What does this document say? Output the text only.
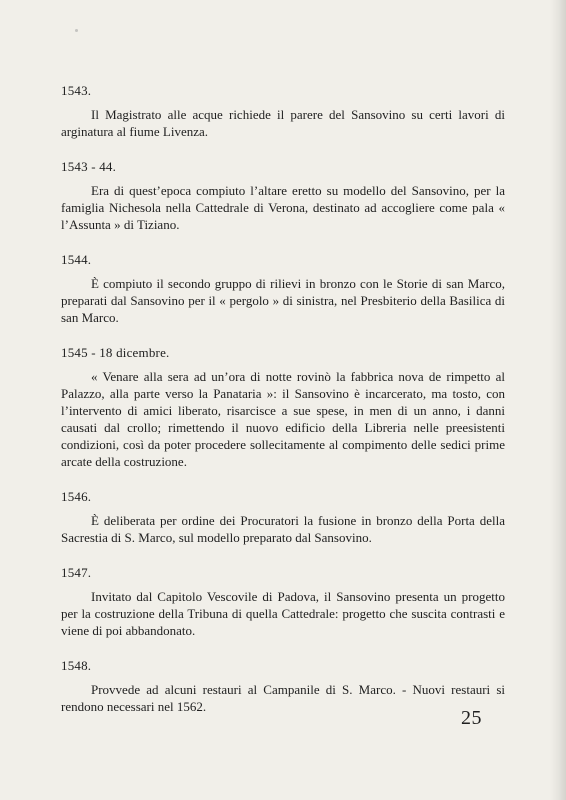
1543.

Il Magistrato alle acque richiede il parere del Sansovino su certi lavori di arginatura al fiume Livenza.

1543 - 44.

Era di quest’epoca compiuto l’altare eretto su modello del Sansovino, per la famiglia Nichesola nella Cattedrale di Verona, destinato ad accogliere come pala « l’Assunta » di Tiziano.

1544.

È compiuto il secondo gruppo di rilievi in bronzo con le Storie di san Marco, preparati dal Sansovino per il « pergolo » di sinistra, nel Presbiterio della Basilica di san Marco.

1545 - 18 dicembre.

« Venare alla sera ad un’ora di notte rovinò la fabbrica nova de rimpetto al Palazzo, alla parte verso la Panataria »: il Sansovino è incarcerato, ma tosto, con l’intervento di amici liberato, risarcisce a sue spese, in men di un anno, i danni causati dal crollo; rimettendo il nuovo edificio della Libreria nelle preesistenti condizioni, così da poter procedere sollecitamente al compimento delle sedici prime arcate della costruzione.

1546.

È deliberata per ordine dei Procuratori la fusione in bronzo della Porta della Sacrestia di S. Marco, sul modello preparato dal Sansovino.

1547.

Invitato dal Capitolo Vescovile di Padova, il Sansovino presenta un progetto per la costruzione della Tribuna di quella Cattedrale: progetto che suscita contrasti e viene di poi abbandonato.

1548.

Provvede ad alcuni restauri al Campanile di S. Marco. - Nuovi restauri si rendono necessari nel 1562.

25
